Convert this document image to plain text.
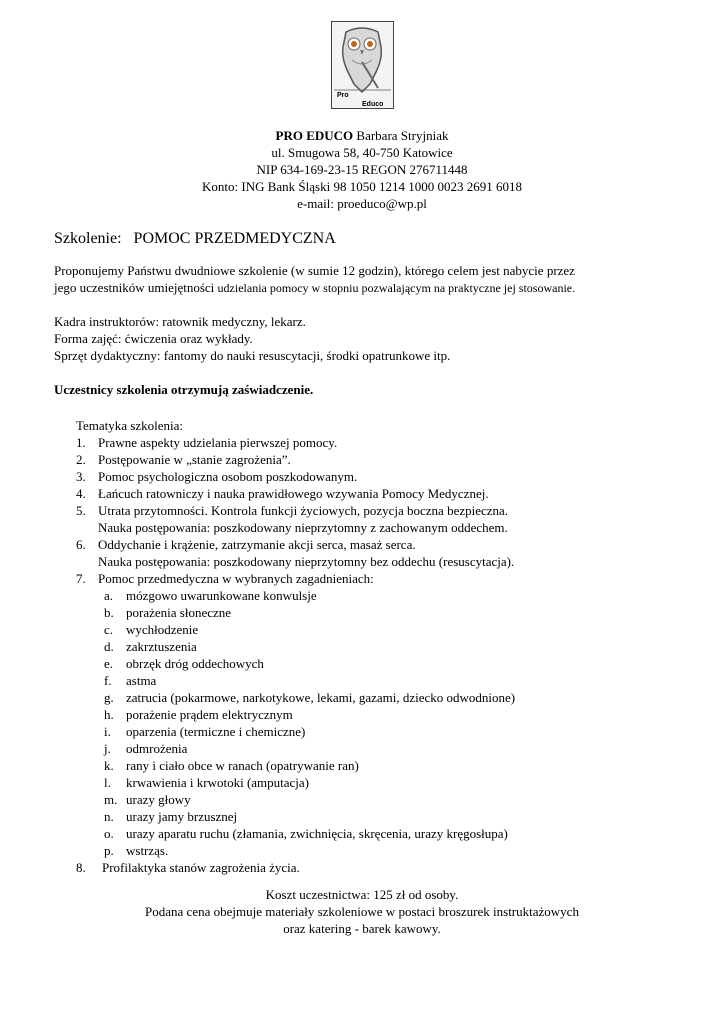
Pro
Educo
PRO EDUCO Barbara Stryjniak
ul. Smugowa 58, 40-750 Katowice
NIP 634-169-23-15 REGON 276711448
Konto: ING Bank Śląski 98 1050 1214 1000 0023 2691 6018
e-mail: proeduco@wp.pl
Szkolenie: POMOC PRZEDMEDYCZNA
Proponujemy Państwu dwudniowe szkolenie (w sumie 12 godzin), którego celem jest nabycie przez
jego uczestników umiejętności udzielania pomocy w stopniu pozwalającym na praktyczne jej stosowanie.
Kadra instruktorów: ratownik medyczny, lekarz.
Forma zajęć: ćwiczenia oraz wykłady.
Sprzęt dydaktyczny: fantomy do nauki resuscytacji, środki opatrunkowe itp.
Uczestnicy szkolenia otrzymują zaświadczenie.
Tematyka szkolenia:
1. Prawne aspekty udzielania pierwszej pomocy.
2. Postępowanie w „stanie zagrożenia”.
3. Pomoc psychologiczna osobom poszkodowanym.
4. Łańcuch ratowniczy i nauka prawidłowego wzywania Pomocy Medycznej.
5. Utrata przytomności. Kontrola funkcji życiowych, pozycja boczna bezpieczna.
Nauka postępowania: poszkodowany nieprzytomny z zachowanym oddechem.
6. Oddychanie i krążenie, zatrzymanie akcji serca, masaż serca.
Nauka postępowania: poszkodowany nieprzytomny bez oddechu (resuscytacja).
7. Pomoc przedmedyczna w wybranych zagadnieniach:
a. mózgowo uwarunkowane konwulsje
b. porażenia słoneczne
c. wychłodzenie
d. zakrztuszenia
e. obrzęk dróg oddechowych
f.	astma
g. zatrucia (pokarmowe, narkotykowe, lekami, gazami, dziecko odwodnione)
h. porażenie prądem elektrycznym
i.	oparzenia (termiczne i chemiczne)
j.	odmrożenia
k. rany i ciało obce w ranach (opatrywanie ran)
l.	krwawienia i krwotoki (amputacja)
m. urazy głowy
n. urazy jamy brzusznej
o. urazy aparatu ruchu (złamania, zwichnięcia, skręcenia, urazy kręgosłupa)
p. wstrząs.
8.	Profilaktyka stanów zagrożenia życia.
Koszt uczestnictwa: 125 zł od osoby.
Podana cena obejmuje materiały szkoleniowe w postaci broszurek instruktażowych
oraz katering - barek kawowy.
